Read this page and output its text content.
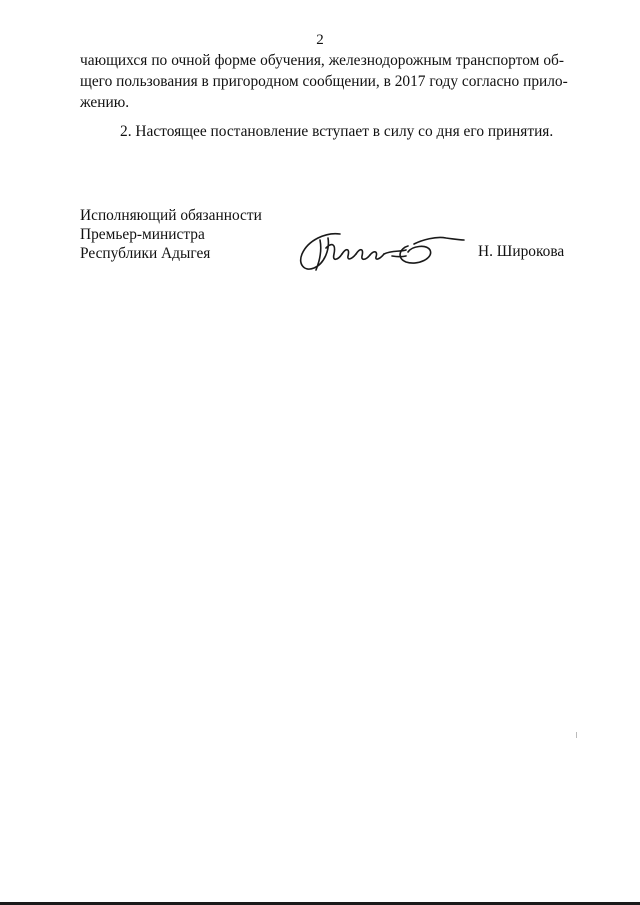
2

чающихся по очной форме обучения, железнодорожным транспортом об-
щего пользования в пригородном сообщении, в 2017 году согласно прило-
жению.

2. Настоящее постановление вступает в силу со дня его принятия.

Исполняющий обязанности
Премьер-министра
Республики Адыгея	Н. Широкова
